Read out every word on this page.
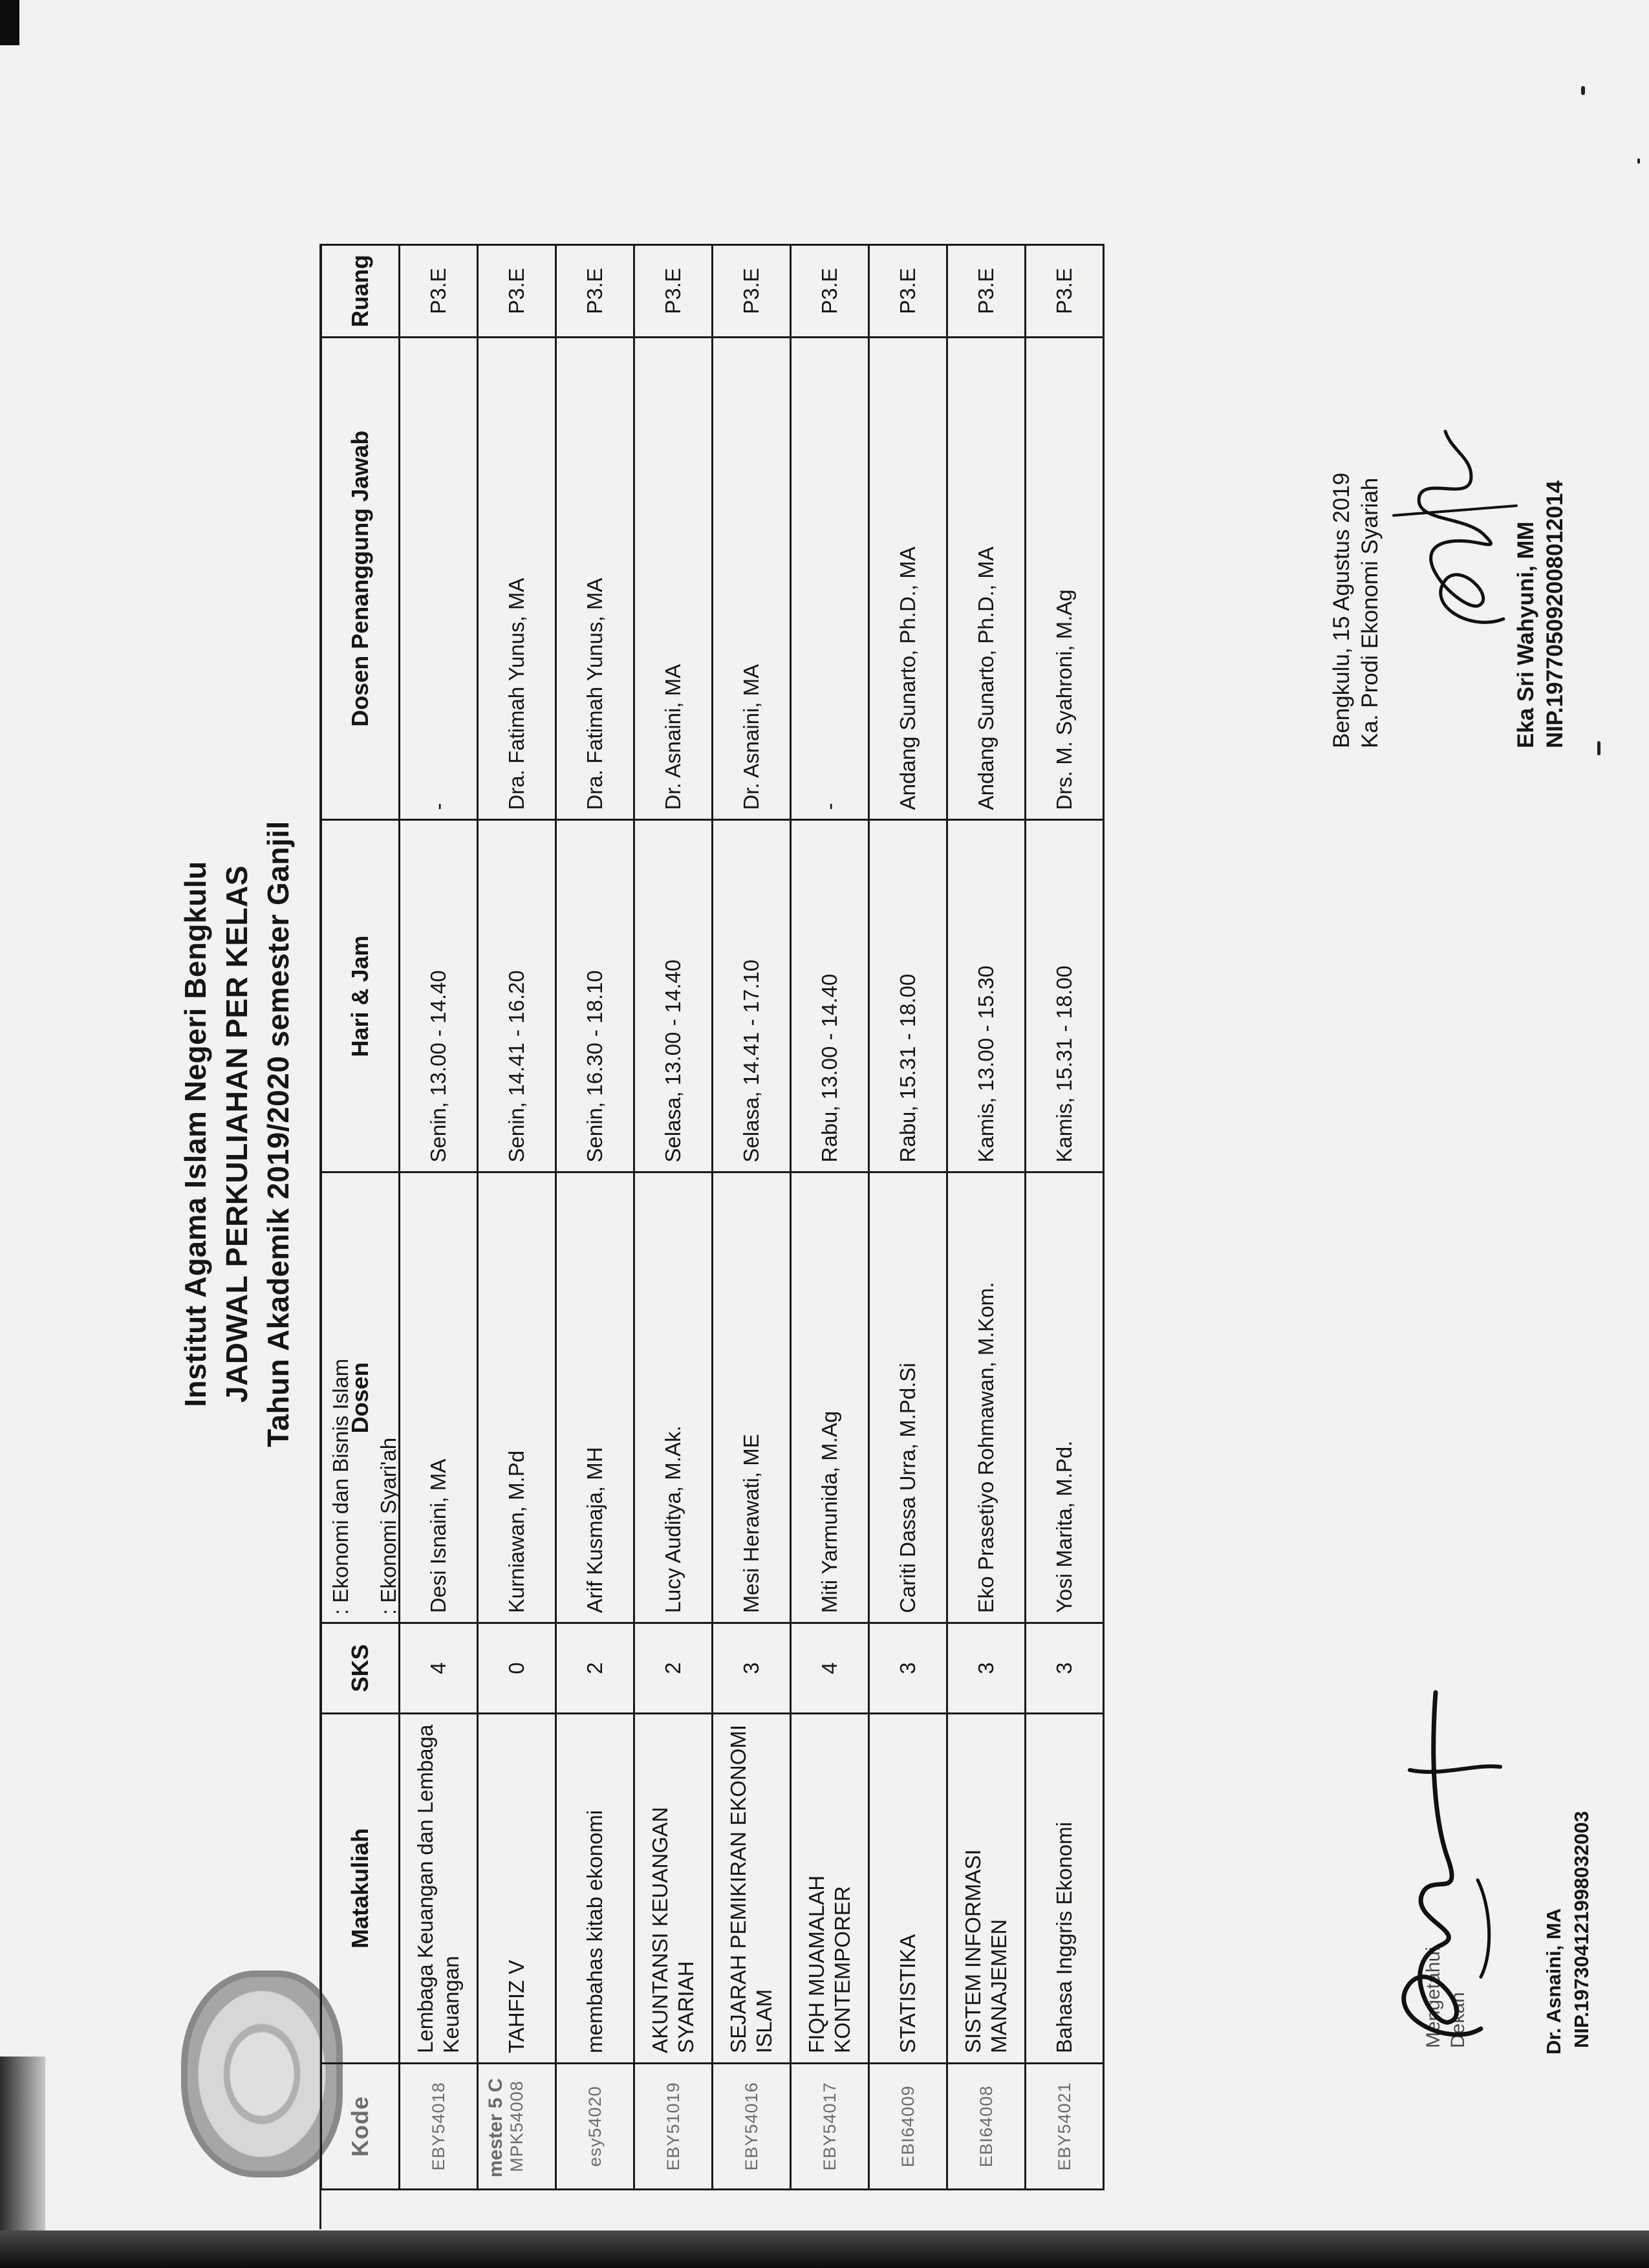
Institut Agama Islam Negeri Bengkulu JADWAL PERKULIAHAN PER KELAS Tahun Akademik 2019/2020 semester Ganjil
: Ekonomi dan Bisnis Islam : Ekonomi Syari'ah
mester 5 C
Kode	Matakuliah	SKS	Dosen	Hari & Jam	Dosen Penanggung Jawab	Ruang
EBY54018	Lembaga Keuangan dan Lembaga Keuangan	4	Desi Isnaini, MA	Senin, 13.00 - 14.40	-	P3.E
MPK54008	TAHFIZ V	0	Kurniawan, M.Pd	Senin, 14.41 - 16.20	Dra. Fatimah Yunus, MA	P3.E
esy54020	membahas kitab ekonomi	2	Arif Kusmaja, MH	Senin, 16.30 - 18.10	Dra. Fatimah Yunus, MA	P3.E
EBY51019	AKUNTANSI KEUANGAN SYARIAH	2	Lucy Auditya, M.Ak.	Selasa, 13.00 - 14.40	Dr. Asnaini, MA	P3.E
EBY54016	SEJARAH PEMIKIRAN EKONOMI ISLAM	3	Mesi Herawati, ME	Selasa, 14.41 - 17.10	Dr. Asnaini, MA	P3.E
EBY54017	FIQH MUAMALAH KONTEMPORER	4	Miti Yarmunida, M.Ag	Rabu, 13.00 - 14.40	-	P3.E
EBI64009	STATISTIKA	3	Cariti Dassa Urra, M.Pd.Si	Rabu, 15.31 - 18.00	Andang Sunarto, Ph.D., MA	P3.E
EBI64008	SISTEM INFORMASI MANAJEMEN	3	Eko Prasetiyo Rohmawan, M.Kom.	Kamis, 13.00 - 15.30	Andang Sunarto, Ph.D., MA	P3.E
EBY54021	Bahasa Inggris Ekonomi	3	Yosi Marita, M.Pd.	Kamis, 15.31 - 18.00	Drs. M. Syahroni, M.Ag	P3.E
Mengetahui Dekan	Dr. Asnaini, MA NIP.197304121998032003
Bengkulu, 15 Agustus 2019 Ka. Prodi Ekonomi Syariah	Eka Sri Wahyuni, MM NIP.197705092008012014
